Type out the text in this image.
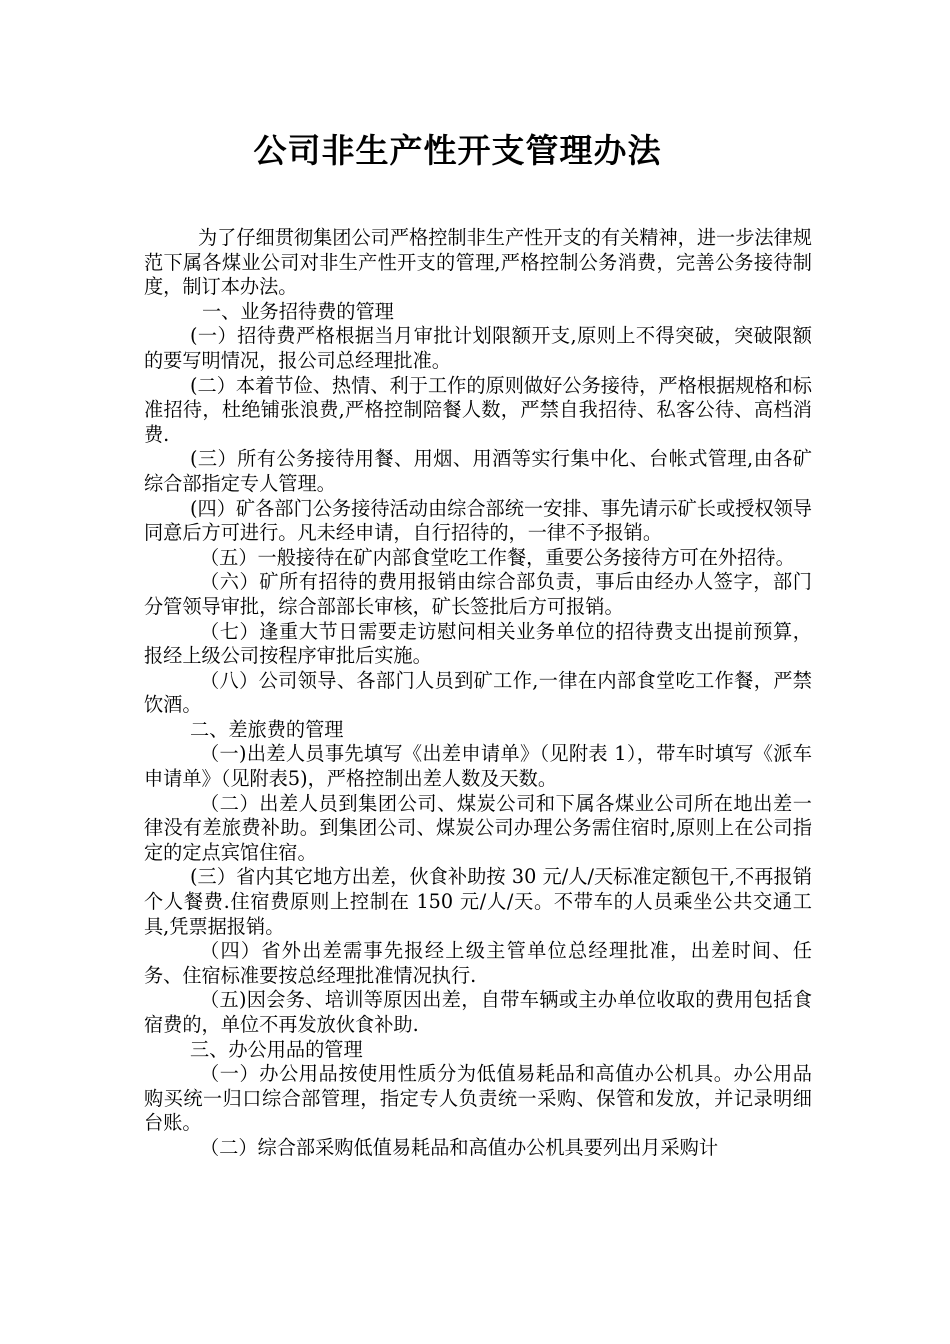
公司非生产性开支管理办法

为了仔细贯彻集团公司严格控制非生产性开支的有关精神，进一步法律规范下属各煤业公司对非生产性开支的管理,严格控制公务消费，完善公务接待制度，制订本办法。

一、业务招待费的管理

(一）招待费严格根据当月审批计划限额开支,原则上不得突破，突破限额的要写明情况，报公司总经理批准。

(二）本着节俭、热情、利于工作的原则做好公务接待，严格根据规格和标准招待，杜绝铺张浪费,严格控制陪餐人数，严禁自我招待、私客公待、高档消费.

(三）所有公务接待用餐、用烟、用酒等实行集中化、台帐式管理,由各矿综合部指定专人管理。

(四）矿各部门公务接待活动由综合部统一安排、事先请示矿长或授权领导同意后方可进行。凡未经申请，自行招待的，一律不予报销。

（五）一般接待在矿内部食堂吃工作餐，重要公务接待方可在外招待。

（六）矿所有招待的费用报销由综合部负责，事后由经办人签字，部门分管领导审批，综合部部长审核，矿长签批后方可报销。

（七）逢重大节日需要走访慰问相关业务单位的招待费支出提前预算，报经上级公司按程序审批后实施。

（八）公司领导、各部门人员到矿工作,一律在内部食堂吃工作餐，严禁饮酒。

二、差旅费的管理

（一)出差人员事先填写《出差申请单》（见附表 1），带车时填写《派车申请单》（见附表5)，严格控制出差人数及天数。

（二）出差人员到集团公司、煤炭公司和下属各煤业公司所在地出差一律没有差旅费补助。到集团公司、煤炭公司办理公务需住宿时,原则上在公司指定的定点宾馆住宿。

(三）省内其它地方出差，伙食补助按 30 元/人/天标准定额包干,不再报销个人餐费.住宿费原则上控制在 150 元/人/天。不带车的人员乘坐公共交通工具,凭票据报销。

（四）省外出差需事先报经上级主管单位总经理批准，出差时间、任务、住宿标准要按总经理批准情况执行.

（五)因会务、培训等原因出差，自带车辆或主办单位收取的费用包括食宿费的，单位不再发放伙食补助.

三、办公用品的管理

（一）办公用品按使用性质分为低值易耗品和高值办公机具。办公用品购买统一归口综合部管理，指定专人负责统一采购、保管和发放，并记录明细台账。

（二）综合部采购低值易耗品和高值办公机具要列出月采购计
